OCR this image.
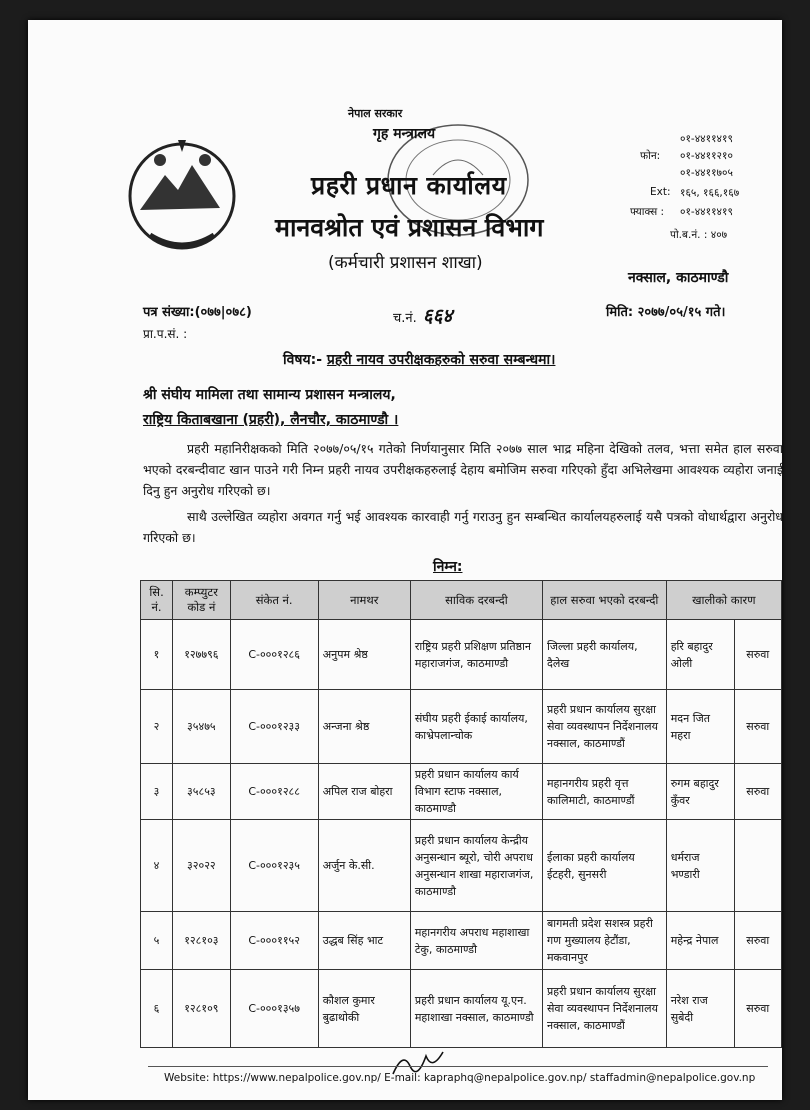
नेपाल सरकार
गृह मन्त्रालय
प्रहरी प्रधान कार्यालय
मानवश्रोत एवं प्रशासन विभाग
(कर्मचारी प्रशासन शाखा)
०१-४४११४१९
फोन: ०१-४४११२१०
०१-४४११७०५
Ext: १६५, १६६,१६७
फ्याक्स : ०१-४४११४१९
पो.ब.नं. : ४०७
नक्साल, काठमाण्डौ
पत्र संख्या:(०७७|०७८)	च.नं. ६६४	मिति: २०७७/०५/१५ गते।
प्रा.प.सं. :
विषय:- प्रहरी नायव उपरीक्षकहरुको सरुवा सम्बन्धमा।
श्री संघीय मामिला तथा सामान्य प्रशासन मन्त्रालय,
राष्ट्रिय किताबखाना (प्रहरी), लैनचौर, काठमाण्डौ ।
प्रहरी महानिरीक्षकको मिति २०७७/०५/१५ गतेको निर्णयानुसार मिति २०७७ साल भाद्र महिना देखिको तलव, भत्ता समेत हाल सरुवा भएको दरबन्दीवाट खान पाउने गरी निम्न प्रहरी नायव उपरीक्षकहरुलाई देहाय बमोजिम सरुवा गरिएको हुँदा अभिलेखमा आवश्यक व्यहोरा जनाई दिनु हुन अनुरोध गरिएको छ।
साथै उल्लेखित व्यहोरा अवगत गर्नु भई आवश्यक कारवाही गर्नु गराउनु हुन सम्बन्धित कार्यालयहरुलाई यसै पत्रको वोधार्थद्वारा अनुरोध गरिएको छ।
निम्न:
सि. नं.	कम्प्युटर कोड नं	संकेत नं.	नामथर	साविक दरबन्दी	हाल सरुवा भएको दरबन्दी	खालीको कारण	
१	१२७७९६	C-०००१२८६	अनुपम श्रेष्ठ	राष्ट्रिय प्रहरी प्रशिक्षण प्रतिष्ठान महाराजगंज, काठमाण्डौ	जिल्ला प्रहरी कार्यालय, दैलेख	हरि बहादुर ओली	सरुवा
२	३५४७५	C-०००१२३३	अन्जना श्रेष्ठ	संघीय प्रहरी ईकाई कार्यालय, काभ्रेपलान्चोक	प्रहरी प्रधान कार्यालय सुरक्षा सेवा व्यवस्थापन निर्देशनालय नक्साल, काठमाण्डौं	मदन जित महरा	सरुवा
३	३५८५३	C-०००१२८८	अपिल राज बोहरा	प्रहरी प्रधान कार्यालय कार्य विभाग स्टाफ नक्साल, काठमाण्डौ	महानगरीय प्रहरी वृत्त कालिमाटी, काठमाण्डौं	रुगम बहादुर कुँवर	सरुवा
४	३२०२२	C-०००१२३५	अर्जुन के.सी.	प्रहरी प्रधान कार्यालय केन्द्रीय अनुसन्धान ब्यूरो, चोरी अपराध अनुसन्धान शाखा महाराजगंज, काठमाण्डौ	ईलाका प्रहरी कार्यालय ईटहरी, सुनसरी	धर्मराज भण्डारी	
५	१२८१०३	C-०००११५२	उद्धब सिंह भाट	महानगरीय अपराध महाशाखा टेकु, काठमाण्डौ	बागमती प्रदेश सशस्त्र प्रहरी गण मुख्यालय हेटौंडा, मकवानपुर	महेन्द्र नेपाल	सरुवा
६	१२८१०९	C-०००१३५७	कौशल कुमार बुढाथोकी	प्रहरी प्रधान कार्यालय यू.एन. महाशाखा नक्साल, काठमाण्डौ	प्रहरी प्रधान कार्यालय सुरक्षा सेवा व्यवस्थापन निर्देशनालय नक्साल, काठमाण्डौं	नरेश राज सुबेदी	सरुवा
Website: https://www.nepalpolice.gov.np/ E-mail: kapraphq@nepalpolice.gov.np/ staffadmin@nepalpolice.gov.np
